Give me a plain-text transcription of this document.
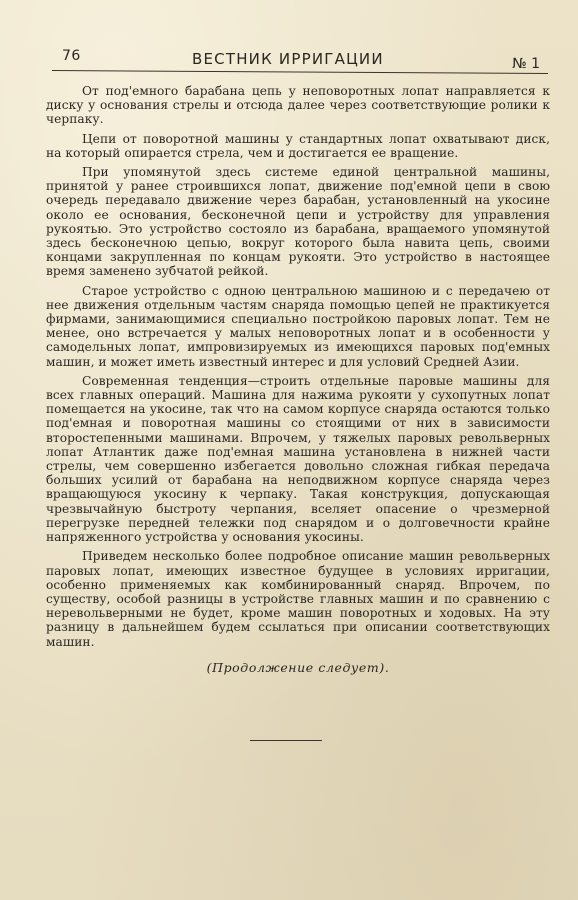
76	ВЕСТНИК ИРРИГАЦИИ	№ 1

От под'емного барабана цепь у неповоротных лопат направляется к диску у основания стрелы и отсюда далее через соответствующие ролики к черпаку.

Цепи от поворотной машины у стандартных лопат охватывают диск, на который опирается стрела, чем и достигается ее вращение.

При упомянутой здесь системе единой центральной машины, принятой у ранее строившихся лопат, движение под'емной цепи в свою очередь передавало движение через барабан, установленный на укосине около ее основания, бесконечной цепи и устройству для управления рукоятью. Это устройство состояло из барабана, вращаемого упомянутой здесь бесконечною цепью, вокруг которого была навита цепь, своими концами закрупленная по концам рукояти. Это устройство в настоящее время заменено зубчатой рейкой.

Старое устройство с одною центральною машиною и с передачею от нее движения отдельным частям снаряда помощью цепей не практикуется фирмами, занимающимися специально постройкою паровых лопат. Тем не менее, оно встречается у малых неповоротных лопат и в особенности у самодельных лопат, импровизируемых из имеющихся паровых под'емных машин, и может иметь известный интерес и для условий Средней Азии.

Современная тенденция—строить отдельные паровые машины для всех главных операций. Машина для нажима рукояти у сухопутных лопат помещается на укосине, так что на самом корпусе снаряда остаются только под'емная и поворотная машины со стоящими от них в зависимости второстепенными машинами. Впрочем, у тяжелых паровых револьверных лопат Атлантик даже под'емная машина установлена в нижней части стрелы, чем совершенно избегается довольно сложная гибкая передача больших усилий от барабана на неподвижном корпусе снаряда через вращающуюся укосину к черпаку. Такая конструкция, допускающая чрезвычайную быстроту черпания, вселяет опасение о чрезмерной перегрузке передней тележки под снарядом и о долговечности крайне напряженного устройства у основания укосины.

Приведем несколько более подробное описание машин револьверных паровых лопат, имеющих известное будущее в условиях ирригации, особенно применяемых как комбинированный снаряд. Впрочем, по существу, особой разницы в устройстве главных машин и по сравнению с неревольверными не будет, кроме машин поворотных и ходовых. На эту разницу в дальнейшем будем ссылаться при описании соответствующих машин.

(Продолжение следует).
